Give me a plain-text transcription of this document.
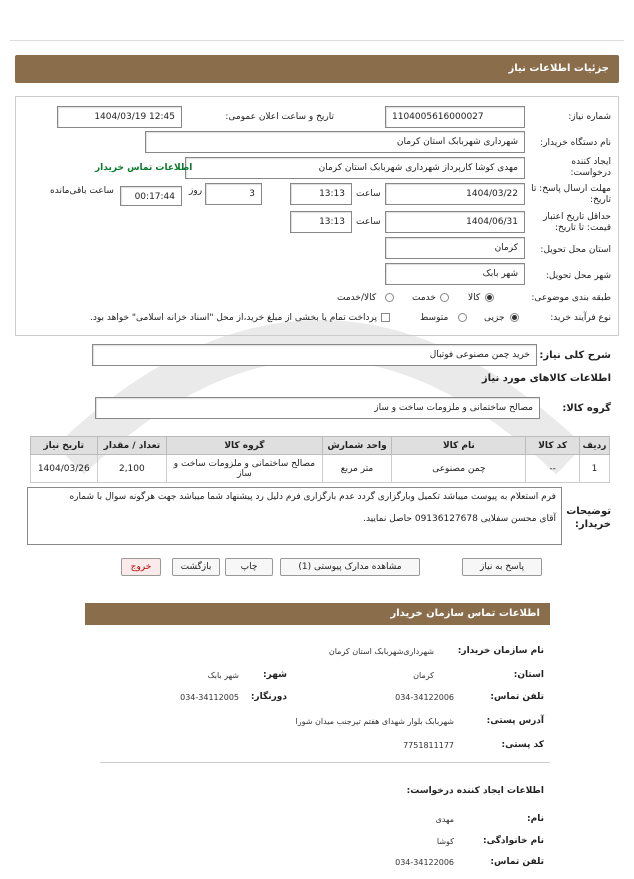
جزئیات اطلاعات نیاز
شماره نیاز:
1104005616000027
تاریخ و ساعت اعلان عمومی:
1404/03/19 12:45
نام دستگاه خریدار:
شهرداری شهربابک استان کرمان
ایجاد کننده درخواست:
مهدی کوشا کارپرداز شهرداری شهربابک استان کرمان
اطلاعات تماس خریدار
مهلت ارسال پاسخ: تا تاریخ:
1404/03/22
ساعت
13:13
3
روز
00:17:44
ساعت باقی‌مانده
حداقل تاریخ اعتبار قیمت: تا تاریخ:
1404/06/31
ساعت
13:13
استان محل تحویل:
کرمان
شهر محل تحویل:
شهر بابک
طبقه بندی موضوعی:
کالا
خدمت
کالا/خدمت
نوع فرآیند خرید:
جزیی
متوسط
پرداخت تمام یا بخشی از مبلغ خرید،از محل "اسناد خزانه اسلامی" خواهد بود.
شرح کلی نیاز:
خرید چمن مصنوعی فوتبال
اطلاعات کالاهای مورد نیاز
گروه کالا:
مصالح ساختمانی و ملزومات ساخت و ساز
ردیف	کد کالا	نام کالا	واحد شمارش	گروه کالا	تعداد / مقدار	تاریخ نیاز
1	--	چمن مصنوعی	متر مربع	مصالح ساختمانی و ملزومات ساخت و ساز	2,100	1404/03/26
توضیحات خریدار:
فرم استعلام به پیوست میباشد تکمیل وبارگزاری گردد عدم بارگزاری فرم دلیل رد پیشنهاد شما میباشد جهت هرگونه سوال با شماره
آقای محسن سفلایی 09136127678 حاصل نمایید.
پاسخ به نیاز
مشاهده مدارک پیوستی (1)
چاپ
بازگشت
خروج
اطلاعات تماس سازمان خریدار
نام سازمان خریدار:
شهرداری‌شهربابک استان کرمان
استان:
کرمان
شهر:
شهر بابک
تلفن تماس:
034-34122006
دورنگار:
034-34112005
آدرس پستی:
شهربابک بلوار شهدای هفتم تیرجنب میدان شورا
کد پستی:
7751811177
اطلاعات ایجاد کننده درخواست:
نام:
مهدی
نام خانوادگی:
کوشا
تلفن تماس:
034-34122006
